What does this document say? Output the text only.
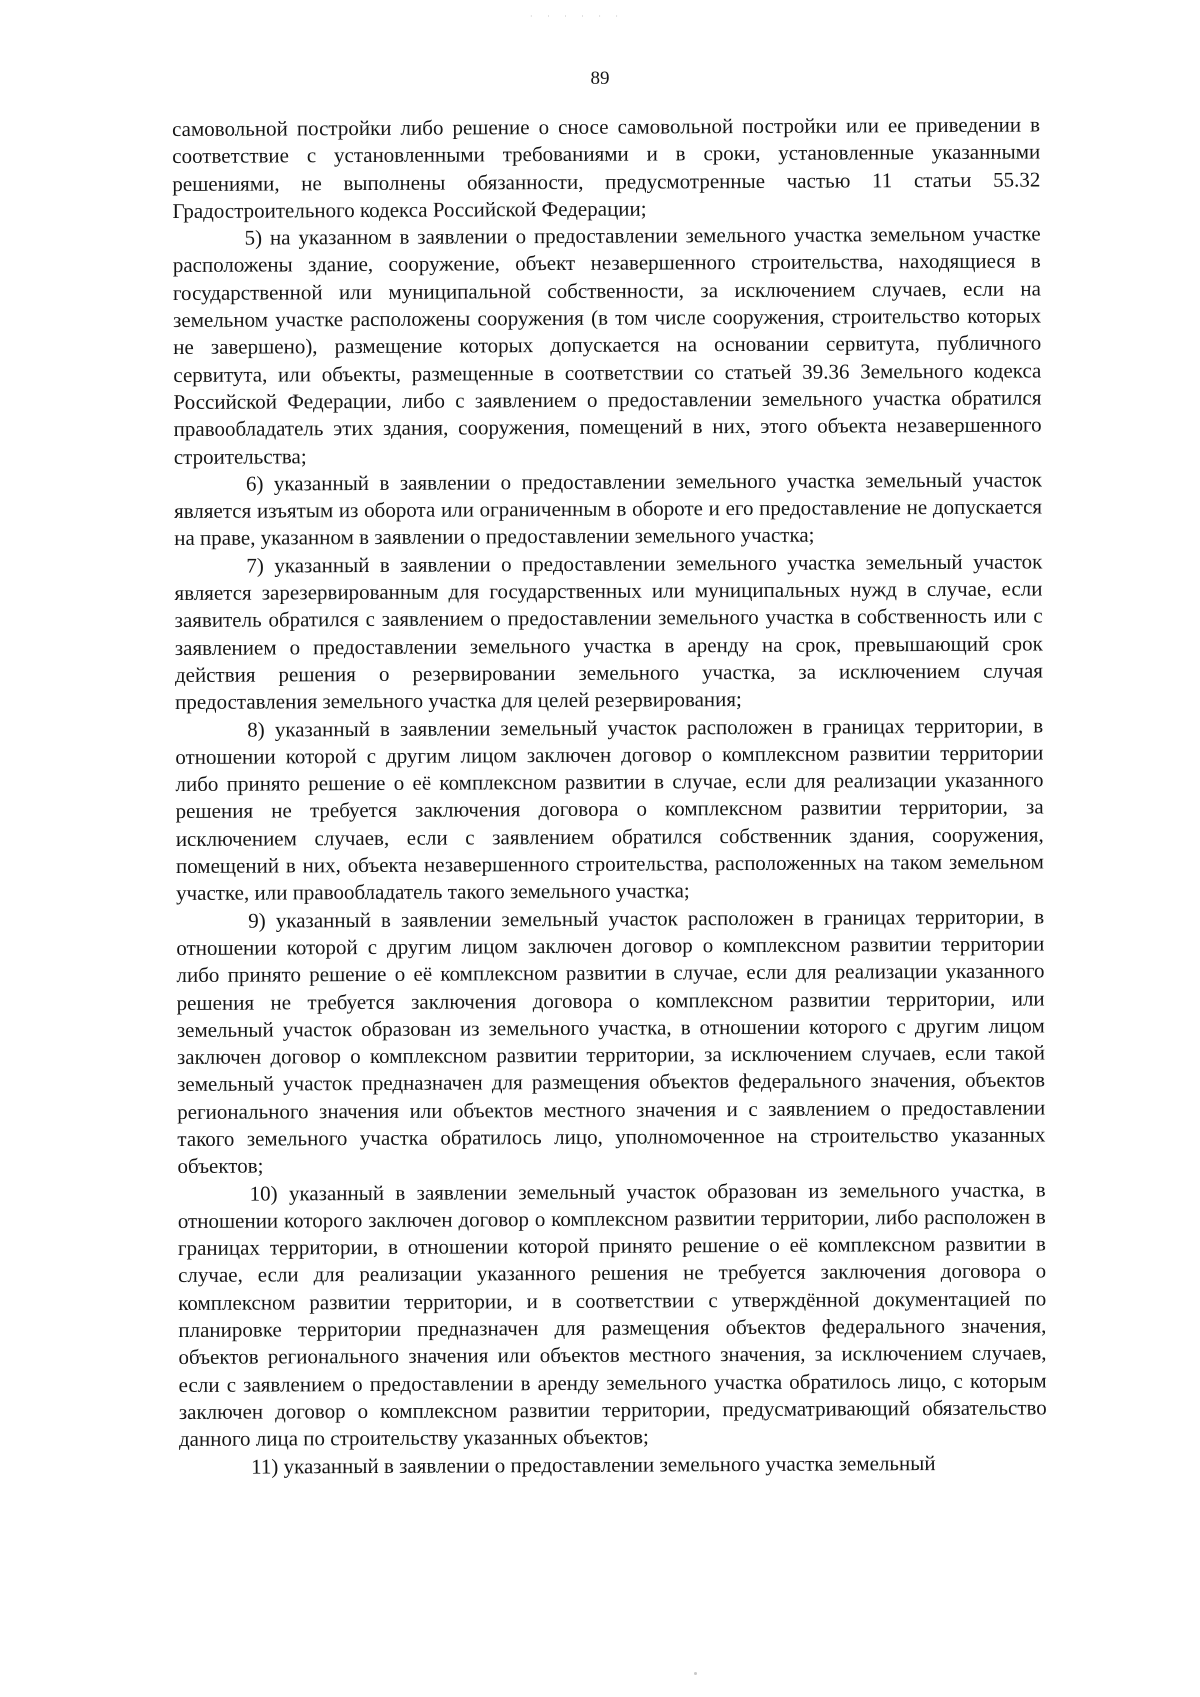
· · · · · ·
89

самовольной постройки либо решение о сносе самовольной постройки или ее приведении в соответствие с установленными требованиями и в сроки, установленные указанными решениями, не выполнены обязанности, предусмотренные частью 11 статьи 55.32 Градостроительного кодекса Российской Федерации;

5) на указанном в заявлении о предоставлении земельного участка земельном участке расположены здание, сооружение, объект незавершенного строительства, находящиеся в государственной или муниципальной собственности, за исключением случаев, если на земельном участке расположены сооружения (в том числе сооружения, строительство которых не завершено), размещение которых допускается на основании сервитута, публичного сервитута, или объекты, размещенные в соответствии со статьей 39.36 Земельного кодекса Российской Федерации, либо с заявлением о предоставлении земельного участка обратился правообладатель этих здания, сооружения, помещений в них, этого объекта незавершенного строительства;

6) указанный в заявлении о предоставлении земельного участка земельный участок является изъятым из оборота или ограниченным в обороте и его предоставление не допускается на праве, указанном в заявлении о предоставлении земельного участка;

7) указанный в заявлении о предоставлении земельного участка земельный участок является зарезервированным для государственных или муниципальных нужд в случае, если заявитель обратился с заявлением о предоставлении земельного участка в собственность или с заявлением о предоставлении земельного участка в аренду на срок, превышающий срок действия решения о резервировании земельного участка, за исключением случая предоставления земельного участка для целей резервирования;

8) указанный в заявлении земельный участок расположен в границах территории, в отношении которой с другим лицом заключен договор о комплексном развитии территории либо принято решение о её комплексном развитии в случае, если для реализации указанного решения не требуется заключения договора о комплексном развитии территории, за исключением случаев, если с заявлением обратился собственник здания, сооружения, помещений в них, объекта незавершенного строительства, расположенных на таком земельном участке, или правообладатель такого земельного участка;

9) указанный в заявлении земельный участок расположен в границах территории, в отношении которой с другим лицом заключен договор о комплексном развитии территории либо принято решение о её комплексном развитии в случае, если для реализации указанного решения не требуется заключения договора о комплексном развитии территории, или земельный участок образован из земельного участка, в отношении которого с другим лицом заключен договор о комплексном развитии территории, за исключением случаев, если такой земельный участок предназначен для размещения объектов федерального значения, объектов регионального значения или объектов местного значения и с заявлением о предоставлении такого земельного участка обратилось лицо, уполномоченное на строительство указанных объектов;

10) указанный в заявлении земельный участок образован из земельного участка, в отношении которого заключен договор о комплексном развитии территории, либо расположен в границах территории, в отношении которой принято решение о её комплексном развитии в случае, если для реализации указанного решения не требуется заключения договора о комплексном развитии территории, и в соответствии с утверждённой документацией по планировке территории предназначен для размещения объектов федерального значения, объектов регионального значения или объектов местного значения, за исключением случаев, если с заявлением о предоставлении в аренду земельного участка обратилось лицо, с которым заключен договор о комплексном развитии территории, предусматривающий обязательство данного лица по строительству указанных объектов;

11) указанный в заявлении о предоставлении земельного участка земельный
